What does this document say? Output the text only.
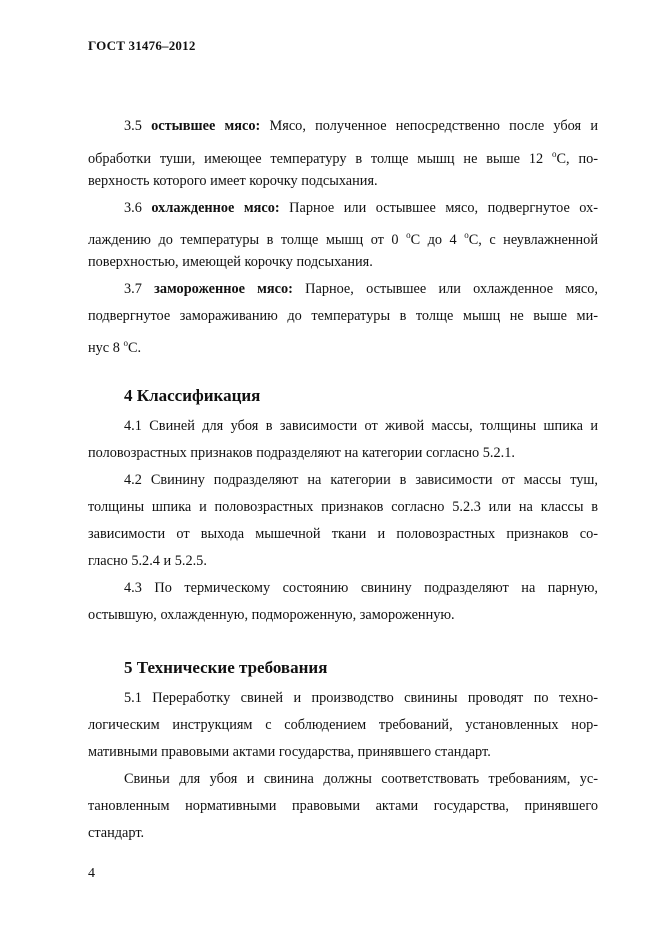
ГОСТ 31476–2012
3.5 остывшее мясо: Мясо, полученное непосредственно после убоя и
обработки туши, имеющее температуру в толще мышц не выше 12 $^о$С, по-
верхность которого имеет корочку подсыхания.
3.6 охлажденное мясо: Парное или остывшее мясо, подвергнутое ох-
лаждению до температуры в толще мышц от 0 $^о$С до 4 $^о$С, с неувлажненной
поверхностью, имеющей корочку подсыхания.
3.7 замороженное мясо: Парное, остывшее или охлажденное мясо,
подвергнутое замораживанию до температуры в толще мышц не выше ми-
нус 8 $^о$С.
4 Классификация
4.1 Свиней для убоя в зависимости от живой массы, толщины шпика и
половозрастных признаков подразделяют на категории согласно 5.2.1.
4.2 Свинину подразделяют на категории в зависимости от массы туш,
толщины шпика и половозрастных признаков согласно 5.2.3 или на классы в
зависимости от выхода мышечной ткани и половозрастных признаков со-
гласно 5.2.4 и 5.2.5.
4.3 По термическому состоянию свинину подразделяют на парную,
остывшую, охлажденную, подмороженную, замороженную.
5 Технические требования
5.1 Переработку свиней и производство свинины проводят по техно-
логическим инструкциям с соблюдением требований, установленных нор-
мативными правовыми актами государства, принявшего стандарт.
Свиньи для убоя и свинина должны соответствовать требованиям, ус-
тановленным нормативными правовыми актами государства, принявшего
стандарт.
4
